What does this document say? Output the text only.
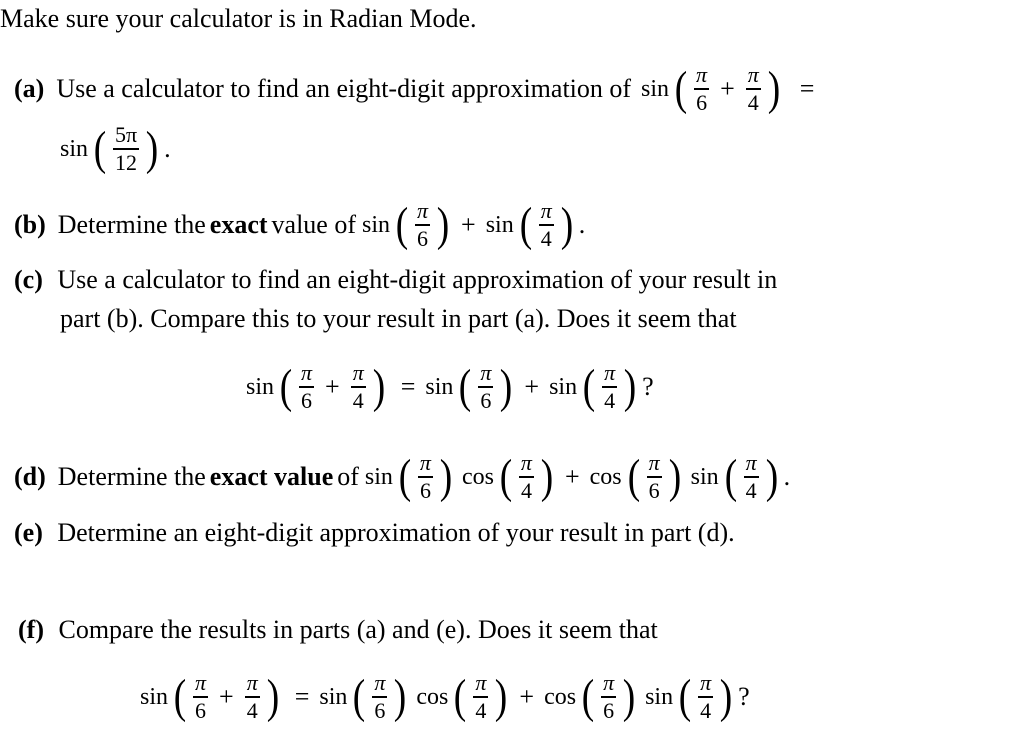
Make sure your calculator is in Radian Mode.
(a) Use a calculator to find an eight-digit approximation of sin ( $\frac{\pi}{6} + \frac{\pi}{4}$ ) =
sin ( $\frac{5\pi}{12}$ ) .
(b) Determine the exact value of sin ( $\frac{\pi}{6}$ ) + sin ( $\frac{\pi}{4}$ ) .
(c) Use a calculator to find an eight-digit approximation of your result in
part (b). Compare this to your result in part (a). Does it seem that
sin ( $\frac{\pi}{6} + \frac{\pi}{4}$ ) = sin ( $\frac{\pi}{6}$ ) + sin ( $\frac{\pi}{4}$ ) ?
(d) Determine the exact value of sin ( $\frac{\pi}{6}$ ) cos ( $\frac{\pi}{4}$ ) + cos ( $\frac{\pi}{6}$ ) sin ( $\frac{\pi}{4}$ ) .
(e) Determine an eight-digit approximation of your result in part (d).
(f) Compare the results in parts (a) and (e). Does it seem that
sin ( $\frac{\pi}{6} + \frac{\pi}{4}$ ) = sin ( $\frac{\pi}{6}$ ) cos ( $\frac{\pi}{4}$ ) + cos ( $\frac{\pi}{6}$ ) sin ( $\frac{\pi}{4}$ ) ?
